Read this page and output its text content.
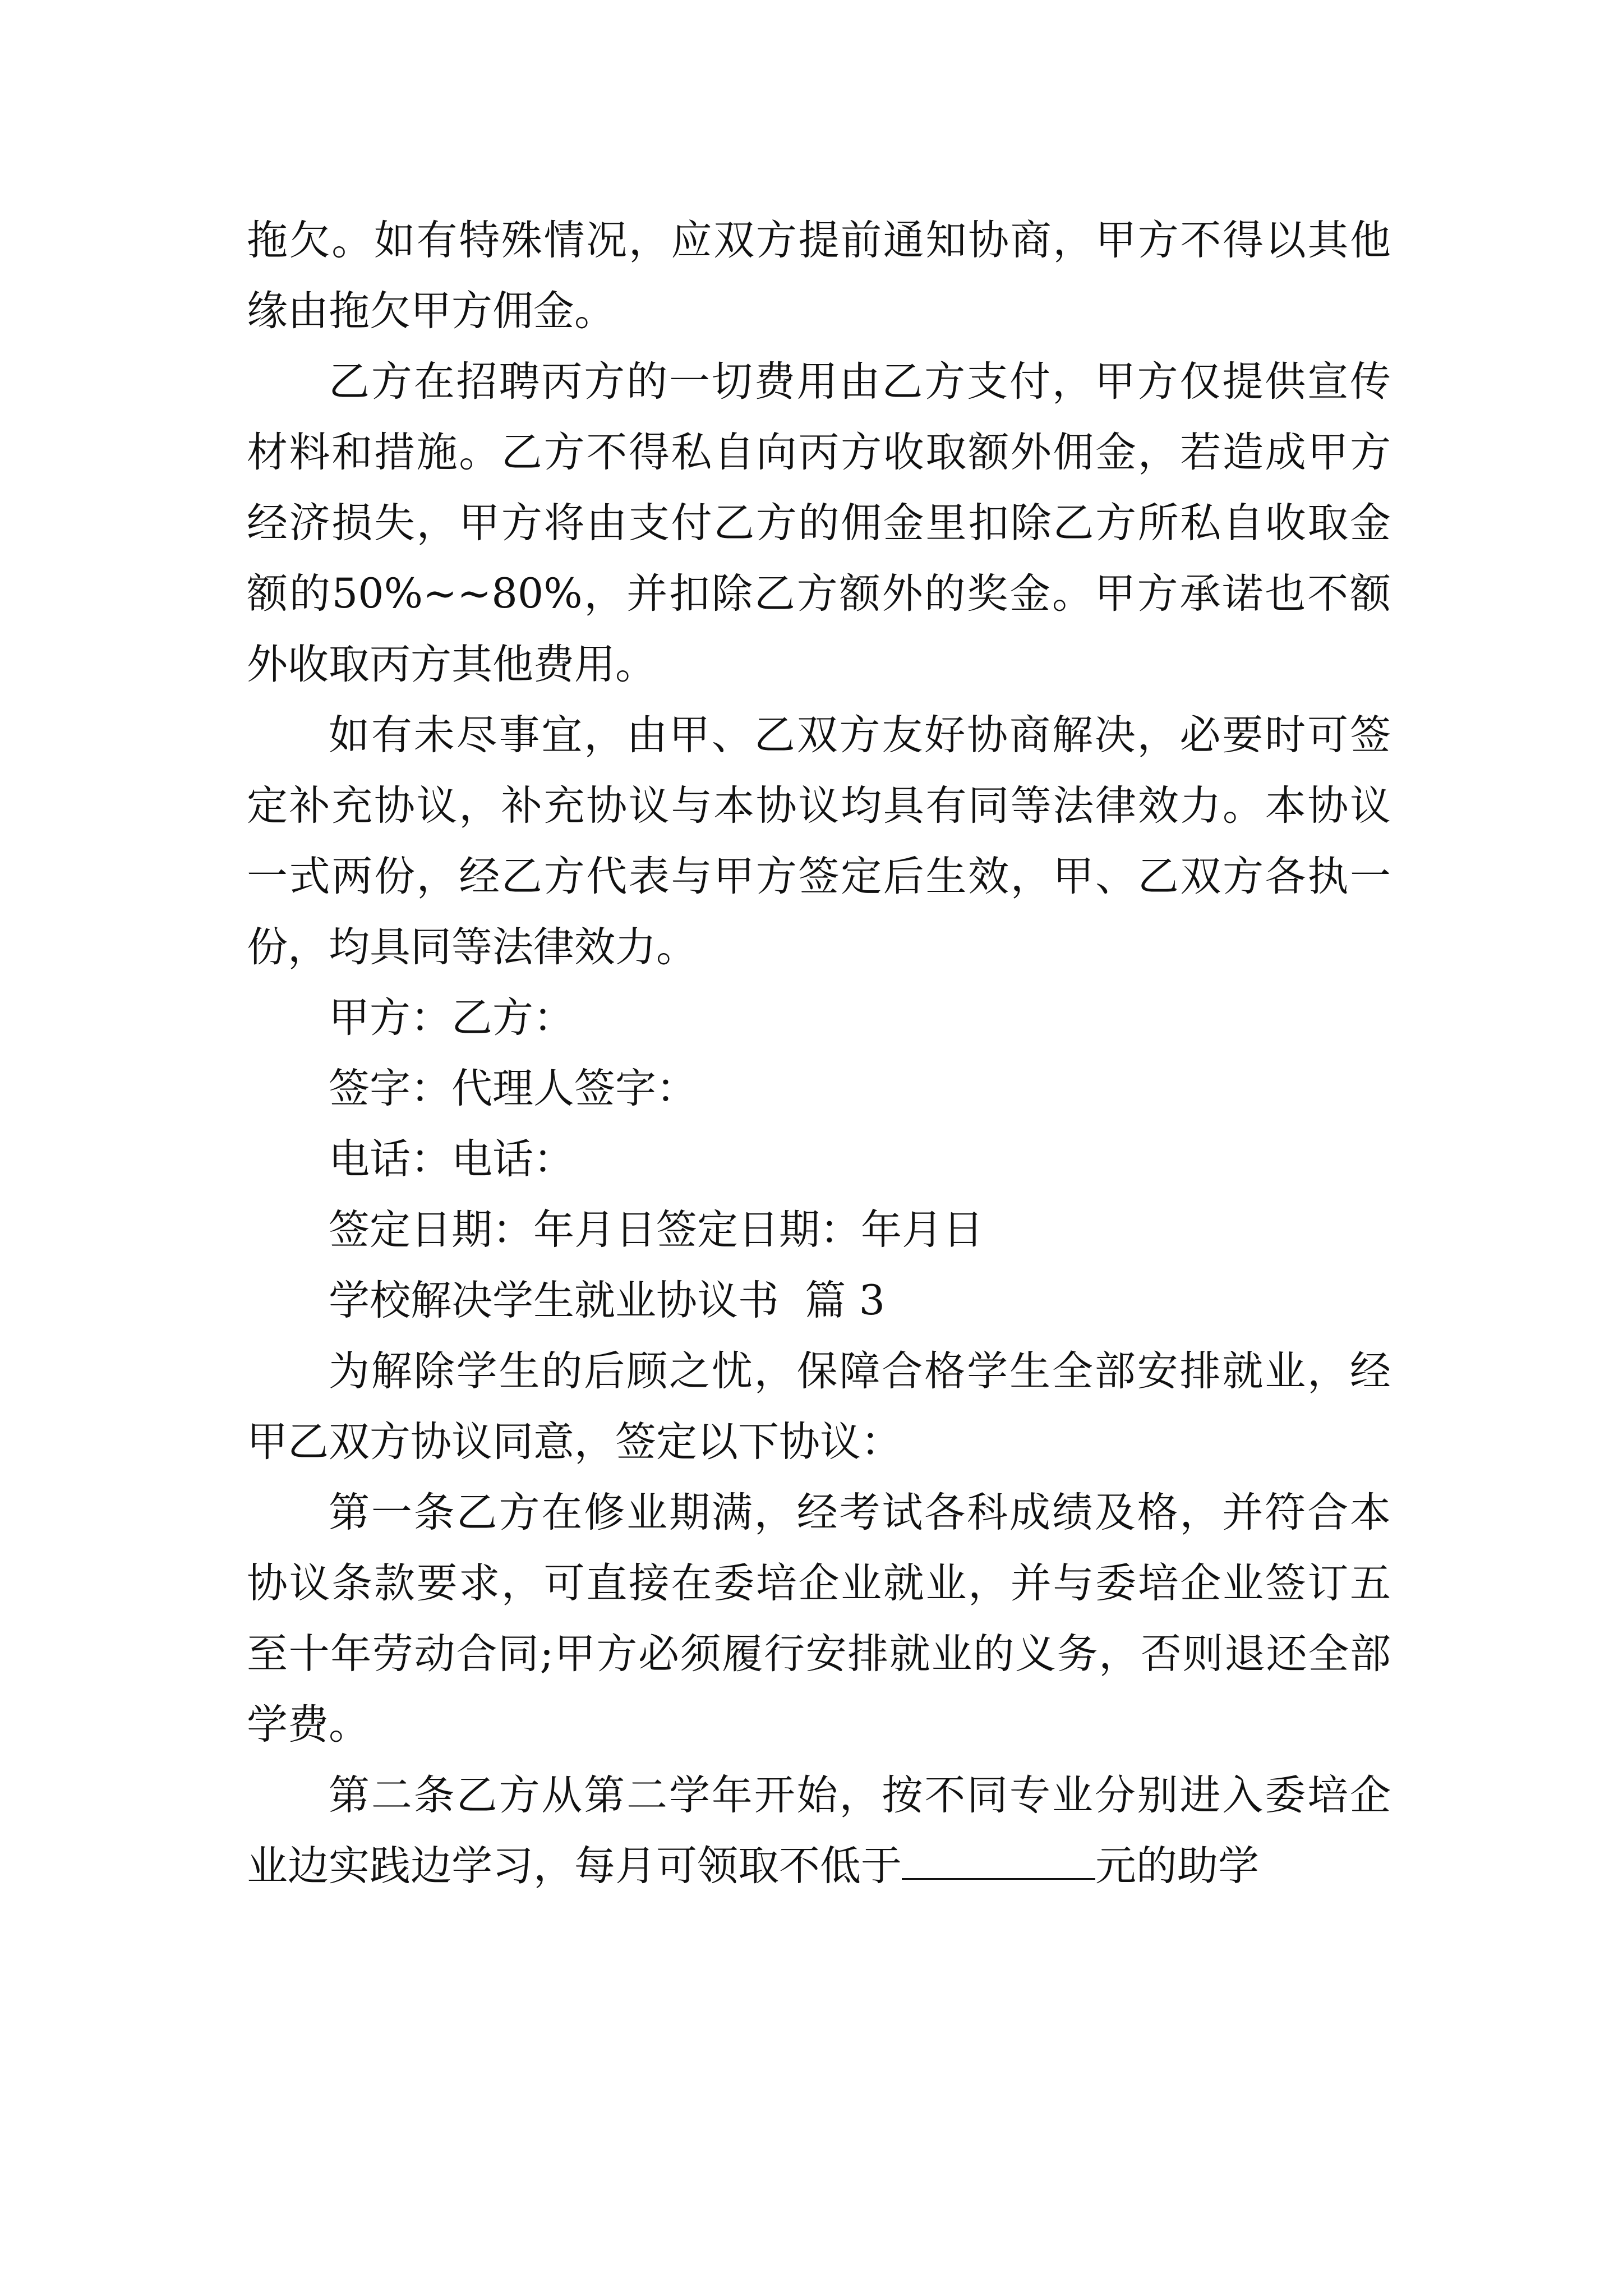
拖欠。如有特殊情况，应双方提前通知协商，甲方不得以其他缘由拖欠甲方佣金。

乙方在招聘丙方的一切费用由乙方支付，甲方仅提供宣传材料和措施。乙方不得私自向丙方收取额外佣金，若造成甲方经济损失，甲方将由支付乙方的佣金里扣除乙方所私自收取金额的50%~~80%，并扣除乙方额外的奖金。甲方承诺也不额外收取丙方其他费用。

如有未尽事宜，由甲、乙双方友好协商解决，必要时可签定补充协议，补充协议与本协议均具有同等法律效力。本协议一式两份，经乙方代表与甲方签定后生效，甲、乙双方各执一份，均具同等法律效力。

甲方：乙方：

签字：代理人签字：

电话：电话：

签定日期：年月日签定日期：年月日

学校解决学生就业协议书  篇 3

为解除学生的后顾之忧，保障合格学生全部安排就业，经甲乙双方协议同意，签定以下协议：

第一条乙方在修业期满，经考试各科成绩及格，并符合本协议条款要求，可直接在委培企业就业，并与委培企业签订五至十年劳动合同;甲方必须履行安排就业的义务，否则退还全部学费。

第二条乙方从第二学年开始，按不同专业分别进入委培企业边实践边学习，每月可领取不低于	元的助学
